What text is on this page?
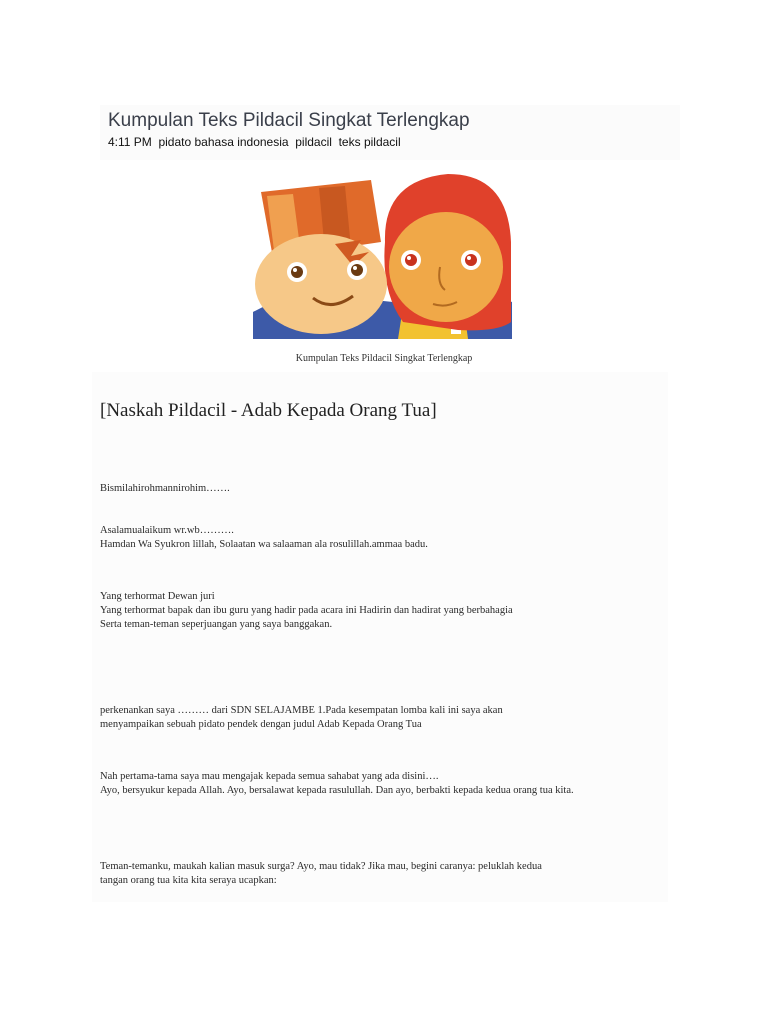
Kumpulan Teks Pildacil Singkat Terlengkap
4:11 PM  pidato bahasa indonesia  pildacil  teks pildacil
Kumpulan Teks Pildacil Singkat Terlengkap
[Naskah Pildacil - Adab Kepada Orang Tua]
Bismilahirohmannirohim…….
Asalamualaikum wr.wb……….
Hamdan Wa Syukron lillah, Solaatan wa salaaman ala rosulillah.ammaa badu.
Yang terhormat Dewan juri
Yang terhormat bapak dan ibu guru yang hadir pada acara ini Hadirin dan hadirat yang berbahagia
Serta teman-teman seperjuangan yang saya banggakan.
perkenankan saya ……… dari SDN SELAJAMBE 1.Pada kesempatan lomba kali ini saya akan
menyampaikan sebuah pidato pendek dengan judul Adab Kepada Orang Tua
Nah pertama-tama saya mau mengajak kepada semua sahabat yang ada disini….
Ayo, bersyukur kepada Allah. Ayo, bersalawat kepada rasulullah. Dan ayo, berbakti kepada kedua orang tua kita.
Teman-temanku, maukah kalian masuk surga? Ayo, mau tidak? Jika mau, begini caranya: peluklah kedua
tangan orang tua kita kita seraya ucapkan:
